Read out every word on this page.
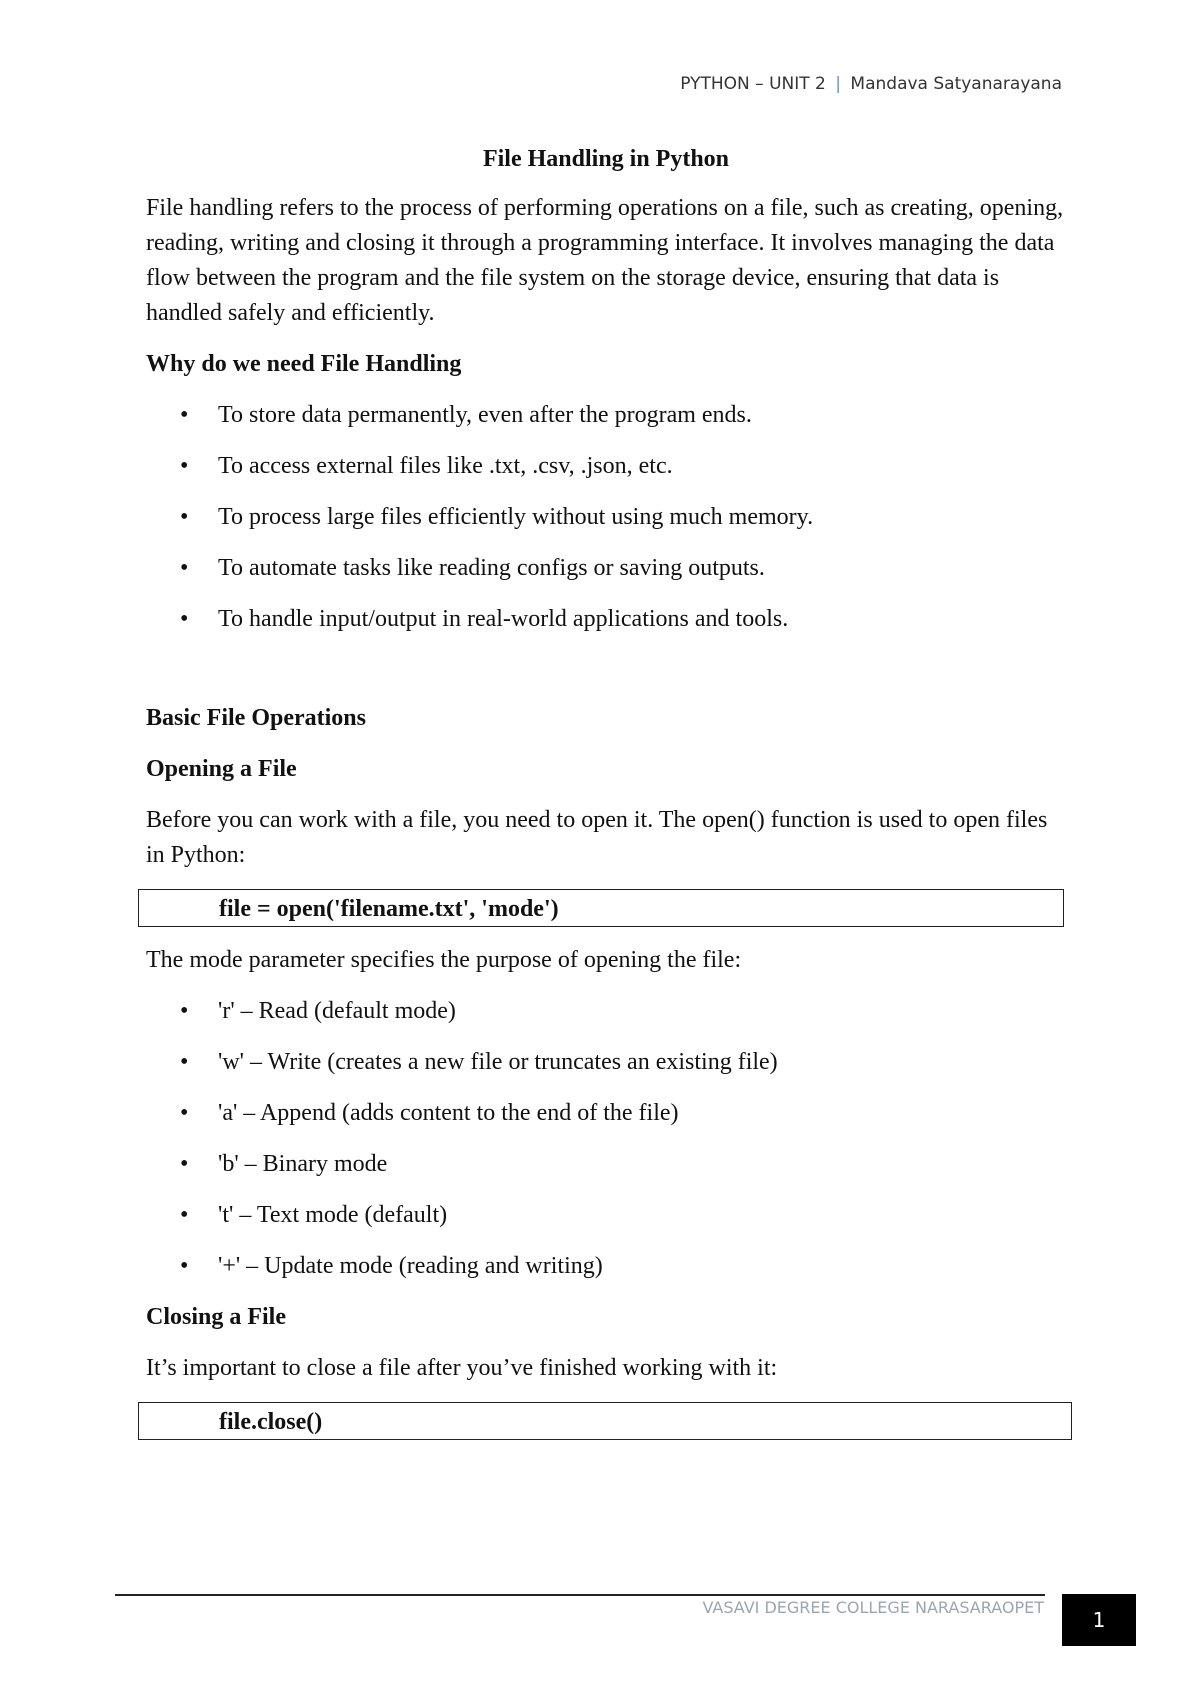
PYTHON – UNIT 2 | Mandava Satyanarayana
File Handling in Python

File handling refers to the process of performing operations on a file, such as creating, opening, reading, writing and closing it through a programming interface. It involves managing the data flow between the program and the file system on the storage device, ensuring that data is handled safely and efficiently.

Why do we need File Handling
• To store data permanently, even after the program ends.
• To access external files like .txt, .csv, .json, etc.
• To process large files efficiently without using much memory.
• To automate tasks like reading configs or saving outputs.
• To handle input/output in real-world applications and tools.
Basic File Operations
Opening a File

Before you can work with a file, you need to open it. The open() function is used to open files in Python:

file = open('filename.txt', 'mode')

The mode parameter specifies the purpose of opening the file:

• 'r' – Read (default mode)
• 'w' – Write (creates a new file or truncates an existing file)
• 'a' – Append (adds content to the end of the file)
• 'b' – Binary mode
• 't' – Text mode (default)
• '+' – Update mode (reading and writing)
Closing a File

It’s important to close a file after you’ve finished working with it:

file.close()
VASAVI DEGREE COLLEGE NARASARAOPET
1
